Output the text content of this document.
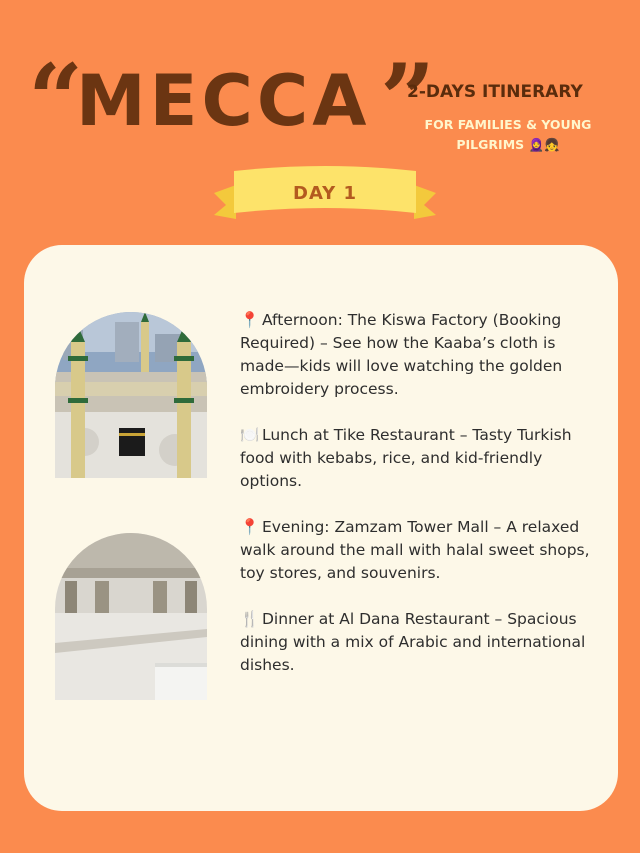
“
MECCA ”
2-DAYS ITINERARY
FOR FAMILIES & YOUNG PILGRIMS 🧕👧
DAY 1
📍 Afternoon: The Kiswa Factory (Booking Required) – See how the Kaaba’s cloth is made—kids will love watching the golden embroidery process.
🍽️ Lunch at Tike Restaurant – Tasty Turkish food with kebabs, rice, and kid-friendly options.
📍 Evening: Zamzam Tower Mall – A relaxed walk around the mall with halal sweet shops, toy stores, and souvenirs.
🍴 Dinner at Al Dana Restaurant – Spacious dining with a mix of Arabic and international dishes.
